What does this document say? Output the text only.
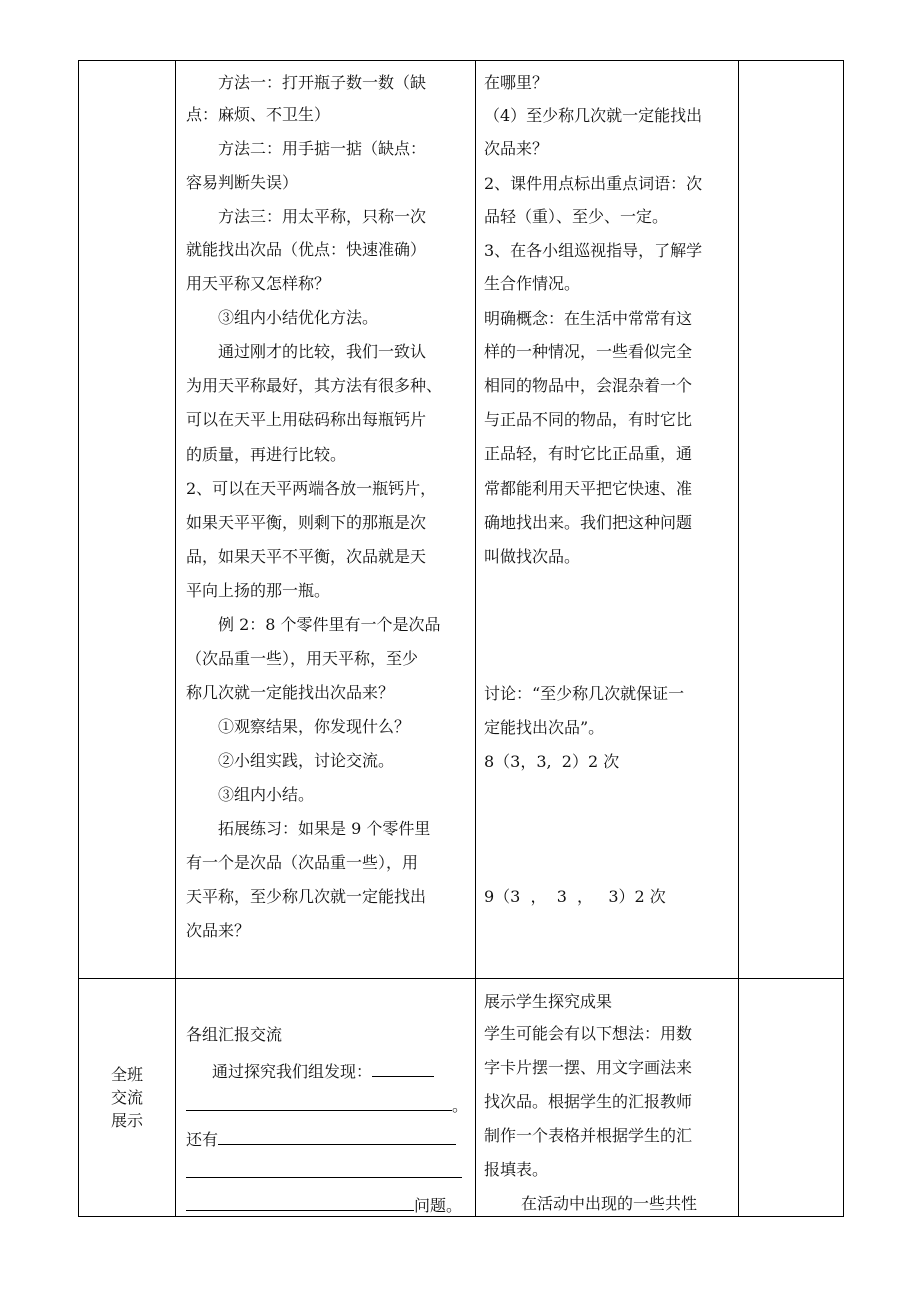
方法一：打开瓶子数一数（缺
点：麻烦、不卫生）
方法二：用手掂一掂（缺点：
容易判断失误）
方法三：用太平称，只称一次
就能找出次品（优点：快速准确）
用天平称又怎样称？
③组内小结优化方法。
通过刚才的比较，我们一致认
为用天平称最好，其方法有很多种、
可以在天平上用砝码称出每瓶钙片
的质量，再进行比较。
2、可以在天平两端各放一瓶钙片，
如果天平平衡，则剩下的那瓶是次
品，如果天平不平衡，次品就是天
平向上扬的那一瓶。
例 2：8 个零件里有一个是次品
（次品重一些），用天平称，至少
称几次就一定能找出次品来？
①观察结果，你发现什么？
②小组实践，讨论交流。
③组内小结。
拓展练习：如果是 9 个零件里
有一个是次品（次品重一些），用
天平称，至少称几次就一定能找出
次品来？
在哪里？
（4）至少称几次就一定能找出
次品来？
2、课件用点标出重点词语：次
品轻（重）、至少、一定。
3、在各小组巡视指导，了解学
生合作情况。
明确概念：在生活中常常有这
样的一种情况，一些看似完全
相同的物品中，会混杂着一个
与正品不同的物品，有时它比
正品轻，有时它比正品重，通
常都能利用天平把它快速、准
确地找出来。我们把这种问题
叫做找次品。
讨论：“至少称几次就保证一
定能找出次品”。
8（3，3,  2）2 次
9（3  ，  3  ，   3）2 次
全班
交流
展示
各组汇报交流
通过探究我们组发现：
。
还有
问题。
展示学生探究成果
学生可能会有以下想法：用数
字卡片摆一摆、用文字画法来
找次品。根据学生的汇报教师
制作一个表格并根据学生的汇
报填表。
在活动中出现的一些共性
